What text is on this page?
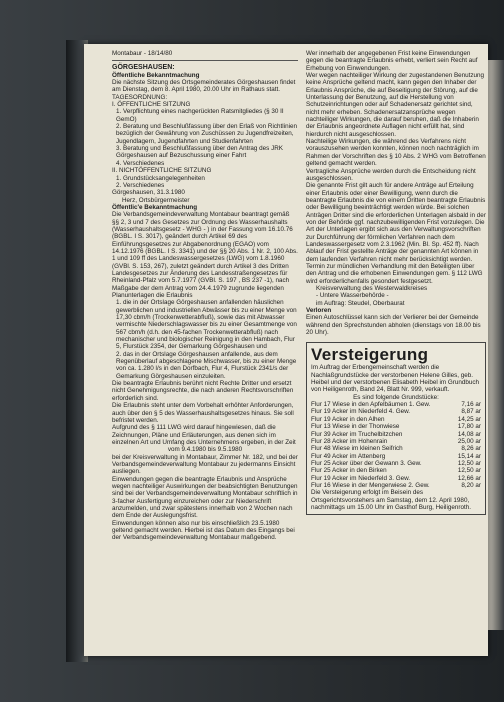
Montabaur - 18/14/80
GÖRGESHAUSEN:
Öffentliche Bekanntmachung

Die nächste Sitzung des Ortsgemeinderates Görgeshausen findet am Dienstag, dem 8. April 1980, 20.00 Uhr im Rathaus statt.

TAGESORDNUNG:
I. ÖFFENTLICHE SITZUNG
1. Verpflichtung eines nachgerückten Ratsmitgliedes (§ 30 II GemO)
2. Beratung und Beschlußfassung über den Erlaß von Richtlinien bezüglich der Gewährung von Zuschüssen zu Jugendfreizeiten, Jugendlagern, Jugendfahrten und Studienfahrten
3. Beratung und Beschlußfassung über den Antrag des JRK Görgeshausen auf Bezuschussung einer Fahrt
4. Verschiedenes
II. NICHTÖFFENTLICHE SITZUNG
1. Grundstücksangelegenheiten
2. Verschiedenes
Görgeshausen, 31.3.1980
Herz, Ortsbürgermeister
Öffentlic'e Bekanntmachung

Die Verbandsgemeindeverwaltung Montabaur beantragt gemäß §§ 2, 3 und 7 des Gesetzes zur Ordnung des Wasserhaushalts (Wasserhaushaltsgesetz - WHG - ) in der Fassung vom 16.10.76 (BGBL. I S. 3017), geändert durch Artikel 69 des Einführungsgesetzes zur Abgabenordnung (EGAO) vom 14.12.1976 (BGBL. I S. 3341) und der §§ 20 Abs. 1 Nr. 2, 100 Abs. 1 und 109 ff des Landeswassergesetzes (LWG) vom 1.8.1960 (GVBl. S. 153, 267), zuletzt geändert durch Artikel 3 des Dritten Landesgesetzes zur Änderung des Landesstraßengesetzes für Rheinland-Pfalz vom 5.7.1977 (GVBl. S. 197 , BS 237 -1), nach Maßgabe der dem Antrag vom 24.4.1979 zugrunde liegenden Planunterlagen die Erlaubnis

1. die in der Ortslage Görgeshausen anfallenden häuslichen gewerblichen und industriellen Abwässer bis zu einer Menge von 17,30 cbm/h (Trockenwetterabfluß), sowie das mit Abwasser vermischte Niederschlagswasser bis zu einer Gesamtmenge von 567 cbm/h (d.h. den 45-fachen Trockenwetterabfluß) nach mechanischer und biologischer Reinigung in den Hambach, Flur 5, Flurstück 2354, der Gemarkung Görgeshausen und

2. das in der Ortslage Görgeshausen anfallende, aus dem Regenüberlauf abgeschlagene Mischwasser, bis zu einer Menge von ca. 1.280 l/s in den Dorfbach, Flur 4, Flurstück 2341/s der Gemarkung Görgeshausen einzuleiten.

Die beantragte Erlaubnis berührt nicht Rechte Dritter und ersetzt nicht Genehmigungsrechte, die nach anderen Rechtsvorschriften erforderlich sind.

Die Erlaubnis steht unter dem Vorbehalt erhöhter Anforderungen, auch über den § 5 des Wasserhaushaltsgesetzes hinaus. Sie soll befristet werden.

Aufgrund des § 111 LWG wird darauf hingewiesen, daß die Zeichnungen, Pläne und Erläuterungen, aus denen sich im einzelnen Art und Umfang des Unternehmens ergeben, in der Zeit

vom 9.4.1980 bis 9.5.1980

bei der Kreisverwaltung in Montabaur, Zimmer Nr. 182, und bei der Verbandsgemeindeverwaltung Montabaur zu jedermanns Einsicht ausliegen.

Einwendungen gegen die beantragte Erlaubnis und Ansprüche wegen nachteiliger Auswirkungen der beabsichtigten Benutzungen sind bei der Verbandsgemeindeverwaltung Montabaur schriftlich in 3-facher Ausfertigung einzureichen oder zur Niederschrift anzumelden, und zwar spätestens innerhalb von 2 Wochen nach dem Ende der Auslegungsfrist.

Einwendungen können also nur bis einschließlich 23.5.1980 geltend gemacht werden. Hierbei ist das Datum des Eingangs bei der Verbandsgemeindeverwaltung Montabaur maßgebend.

Wer innerhalb der angegebenen Frist keine Einwendungen gegen die beantragte Erlaubnis erhebt, verliert sein Recht auf Erhebung von Einwendungen.

Wer wegen nachteiliger Wirkung der zugestandenen Benutzung keine Ansprüche geltend macht, kann gegen den Inhaber der Erlaubnis Ansprüche, die auf Beseitigung der Störung, auf die Unterlassung der Benutzung, auf die Herstellung von Schutzeinrichtungen oder auf Schadenersatz gerichtet sind, nicht mehr erheben. Schadenersatzansprüche wegen nachteiliger Wirkungen, die darauf beruhen, daß die Inhaberin der Erlaubnis angeordnete Auflagen nicht erfüllt hat, sind hierdurch nicht ausgeschlossen.

Nachteilige Wirkungen, die während des Verfahrens nicht vorauszusehen werden konnten, können noch nachträglich im Rahmen der Vorschriften des § 10 Abs. 2 WHG vom Betroffenen geltend gemacht werden.

Vertragliche Ansprüche werden durch die Entscheidung nicht ausgeschlossen.

Die genannte Frist gilt auch für andere Anträge auf Erteilung einer Erlaubnis oder einer Bewilligung, wenn durch die beantragte Erlaubnis die von einem Dritten beantragte Erlaubnis oder Bewilligung beeinträchtigt werden würde. Bei solchen Anträgen Dritter sind die erforderlichen Unterlagen alsbald in der von der Behörde ggf. nachzubewilligenden Frist vorzulegen. Die Art der Unterlagen ergibt sich aus den Verwaltungsvorschriften zur Durchführung der förmlichen Verfahren nach dem Landeswassergesetz vom 2.3.1962 (Min. Bl. Sp. 452 ff). Nach Ablauf der Frist gestellte Anträge der genannten Art können in dem laufenden Verfahren nicht mehr berücksichtigt werden.

Termin zur mündlichen Verhandlung mit den Beteiligten über den Antrag und die erhobenen Einwendungen gem. § 112 LWG wird erforderlichenfalls gesondert festgesetzt.

Kreisverwaltung des Westerwaldkreises
- Untere Wasserbehörde -
im Auftrag: Steudel, Oberbaurat
Verloren

Einen Autoschlüssel kann sich der Verlierer bei der Gemeinde während den Sprechstunden abholen (dienstags von 18.00 bis 20 Uhr).

Versteigerung

Im Auftrag der Erbengemeinschaft werden die Nachlaßgrundstücke der verstorbenen Helene Gilles, geb. Heibel und der verstorbenen Elisabeth Heibel im Grundbuch von Heiligenroth, Band 24, Blatt Nr. 999, verkauft.

Es sind folgende Grundstücke:
Flur 17 Wiese in den Apfelbäumen 1. Gew.	7,16 ar
Flur 19 Acker im Niederfeld 4. Gew.	8,87 ar
Flur 19 Acker in den Alhen	14,25 ar
Flur 13 Wiese in der Thonwiese	17,80 ar
Flur 39 Acker im Truchelbitzchen	14,08 ar
Flur 28 Acker im Hohenrain	25,00 ar
Flur 48 Wiese im kleinen Seifrich	8,26 ar
Flur 49 Acker im Attenberg	15,14 ar
Flur 25 Acker über der Gewann 3. Gew.	12,50 ar
Flur 25 Acker in den Birken	12,50 ar
Flur 19 Acker im Niederfeld 3. Gew.	12,66 ar
Flur 16 Wiese in der Mengerwiese 2. Gew.	8,20 ar

Die Versteigerung erfolgt im Beisein des Ortsgerichtsvorstehers am Samstag, dem 12. April 1980, nachmittags um 15.00 Uhr im Gasthof Burg, Heiligenroth.
